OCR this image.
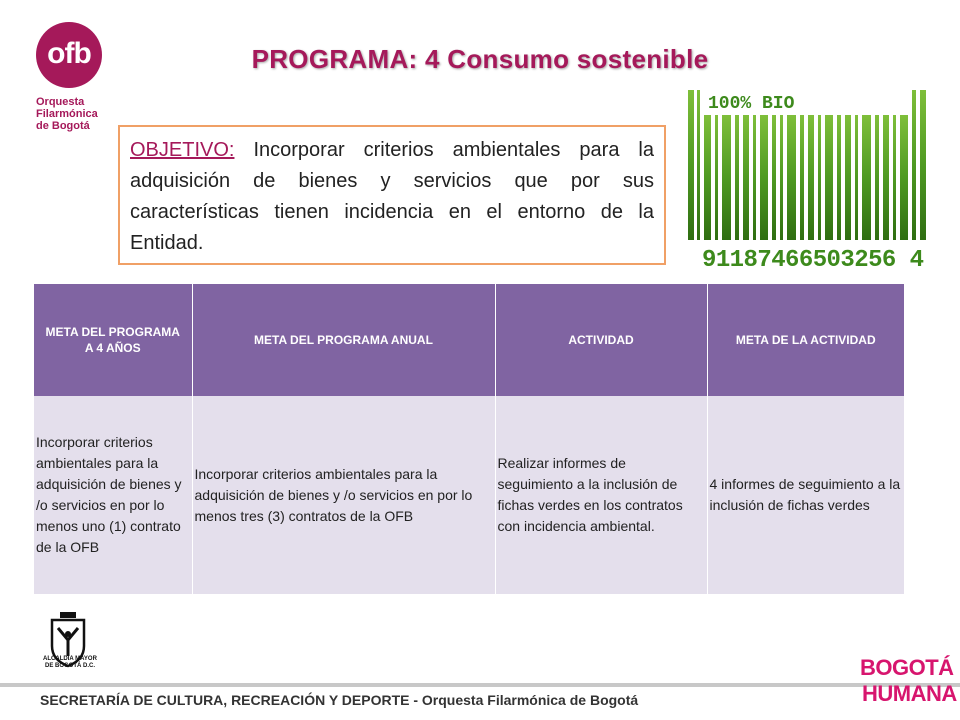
ofb
Orquesta
Filarmónica
de Bogotá
PROGRAMA: 4 Consumo sostenible
OBJETIVO: Incorporar criterios ambientales para la adquisición de bienes y servicios que por sus características tienen incidencia en el entorno de la Entidad.
100% BIO
91187466503256 4
META DEL PROGRAMA A 4 AÑOS	META DEL PROGRAMA ANUAL	ACTIVIDAD	META DE LA ACTIVIDAD
Incorporar criterios ambientales para la adquisición de bienes y /o servicios en por lo menos uno (1) contrato de la OFB	Incorporar criterios ambientales para la adquisición de bienes y /o servicios en por lo menos tres (3) contratos de la OFB	Realizar informes de seguimiento a la inclusión de fichas verdes en los contratos con incidencia ambiental.	4 informes de seguimiento a la inclusión de fichas verdes
ALCALDÍA MAYOR
DE BOGOTÁ D.C.
SECRETARÍA DE CULTURA, RECREACIÓN Y DEPORTE - Orquesta Filarmónica de Bogotá
BOGOTÁ
HUMANA
